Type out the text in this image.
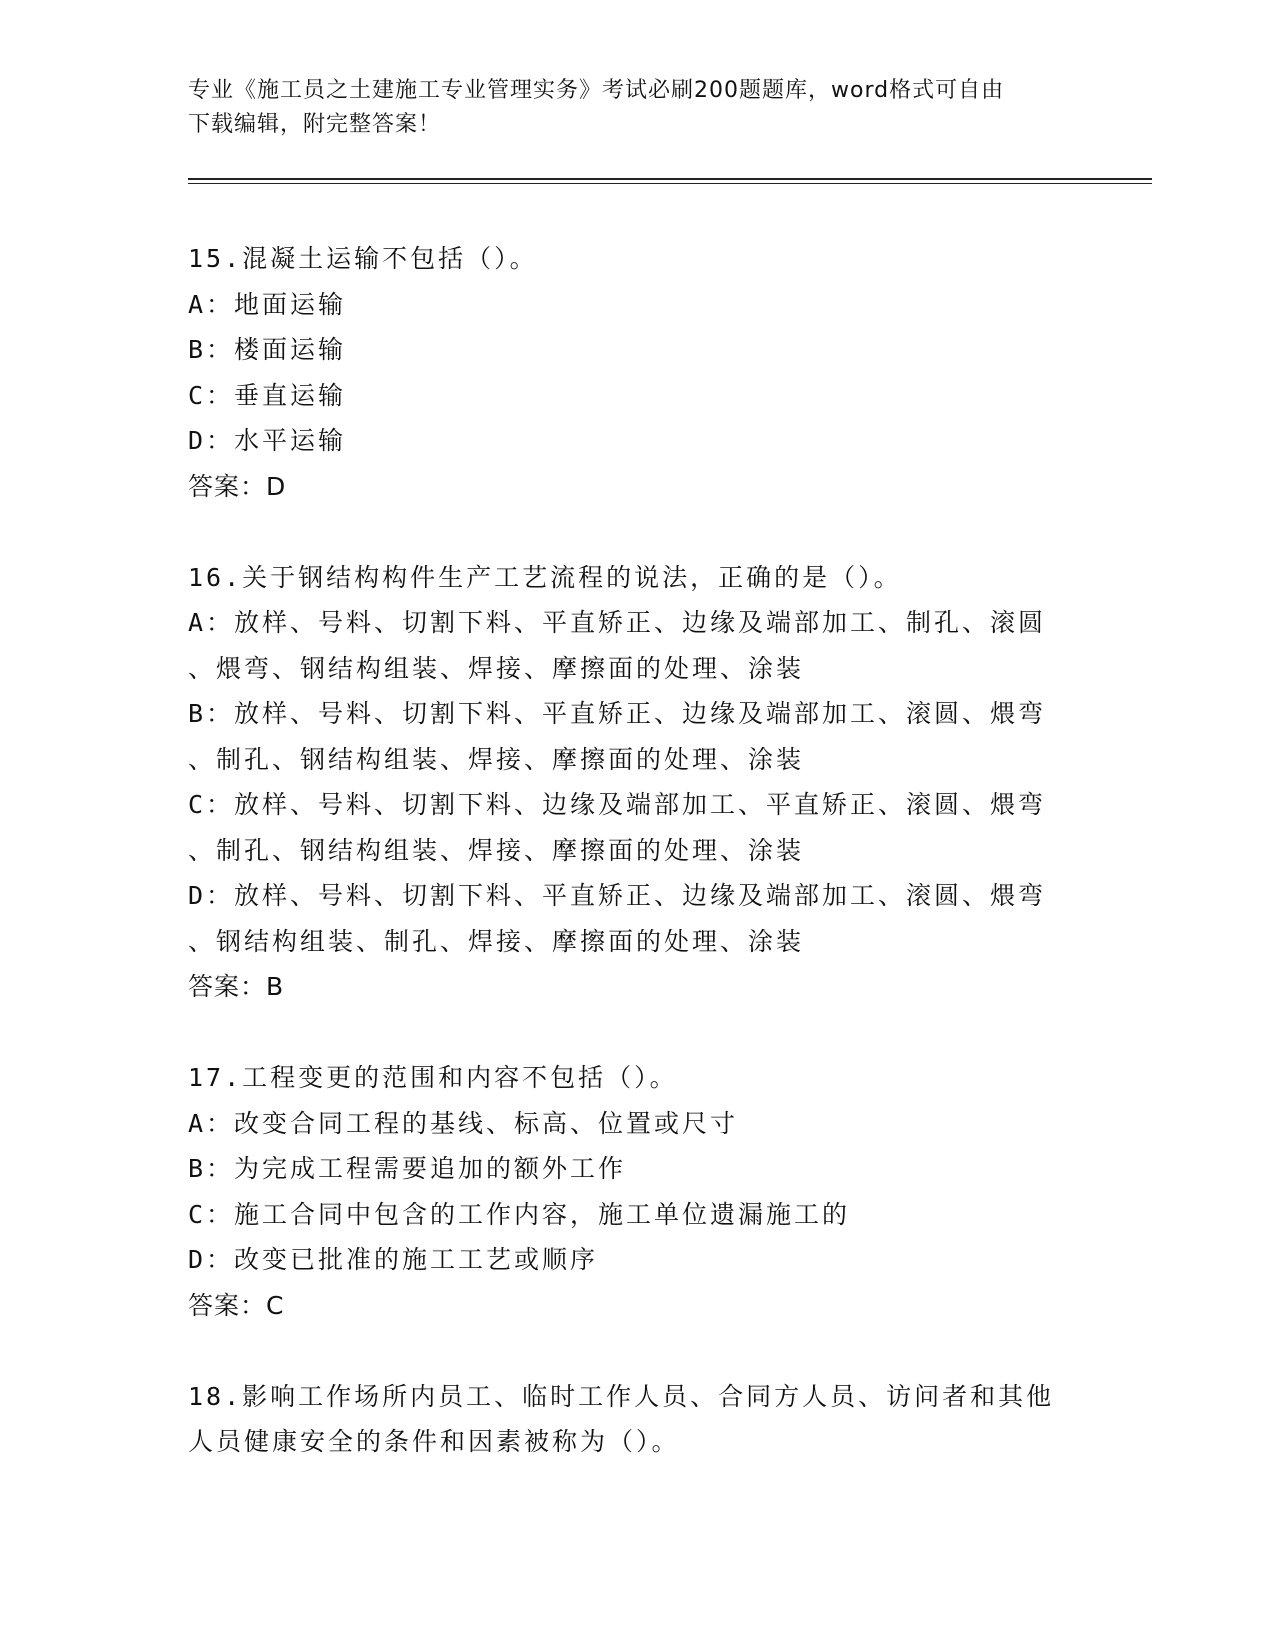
专业《施工员之土建施工专业管理实务》考试必刷200题题库，word格式可自由
下载编辑，附完整答案！
15.混凝土运输不包括（）。
A：地面运输
B：楼面运输
C：垂直运输
D：水平运输
答案：D
16.关于钢结构构件生产工艺流程的说法，正确的是（）。
A：放样、号料、切割下料、平直矫正、边缘及端部加工、制孔、滚圆
、煨弯、钢结构组装、焊接、摩擦面的处理、涂装
B：放样、号料、切割下料、平直矫正、边缘及端部加工、滚圆、煨弯
、制孔、钢结构组装、焊接、摩擦面的处理、涂装
C：放样、号料、切割下料、边缘及端部加工、平直矫正、滚圆、煨弯
、制孔、钢结构组装、焊接、摩擦面的处理、涂装
D：放样、号料、切割下料、平直矫正、边缘及端部加工、滚圆、煨弯
、钢结构组装、制孔、焊接、摩擦面的处理、涂装
答案：B
17.工程变更的范围和内容不包括（）。
A：改变合同工程的基线、标高、位置或尺寸
B：为完成工程需要追加的额外工作
C：施工合同中包含的工作内容，施工单位遗漏施工的
D：改变已批准的施工工艺或顺序
答案：C
18.影响工作场所内员工、临时工作人员、合同方人员、访问者和其他
人员健康安全的条件和因素被称为（）。
